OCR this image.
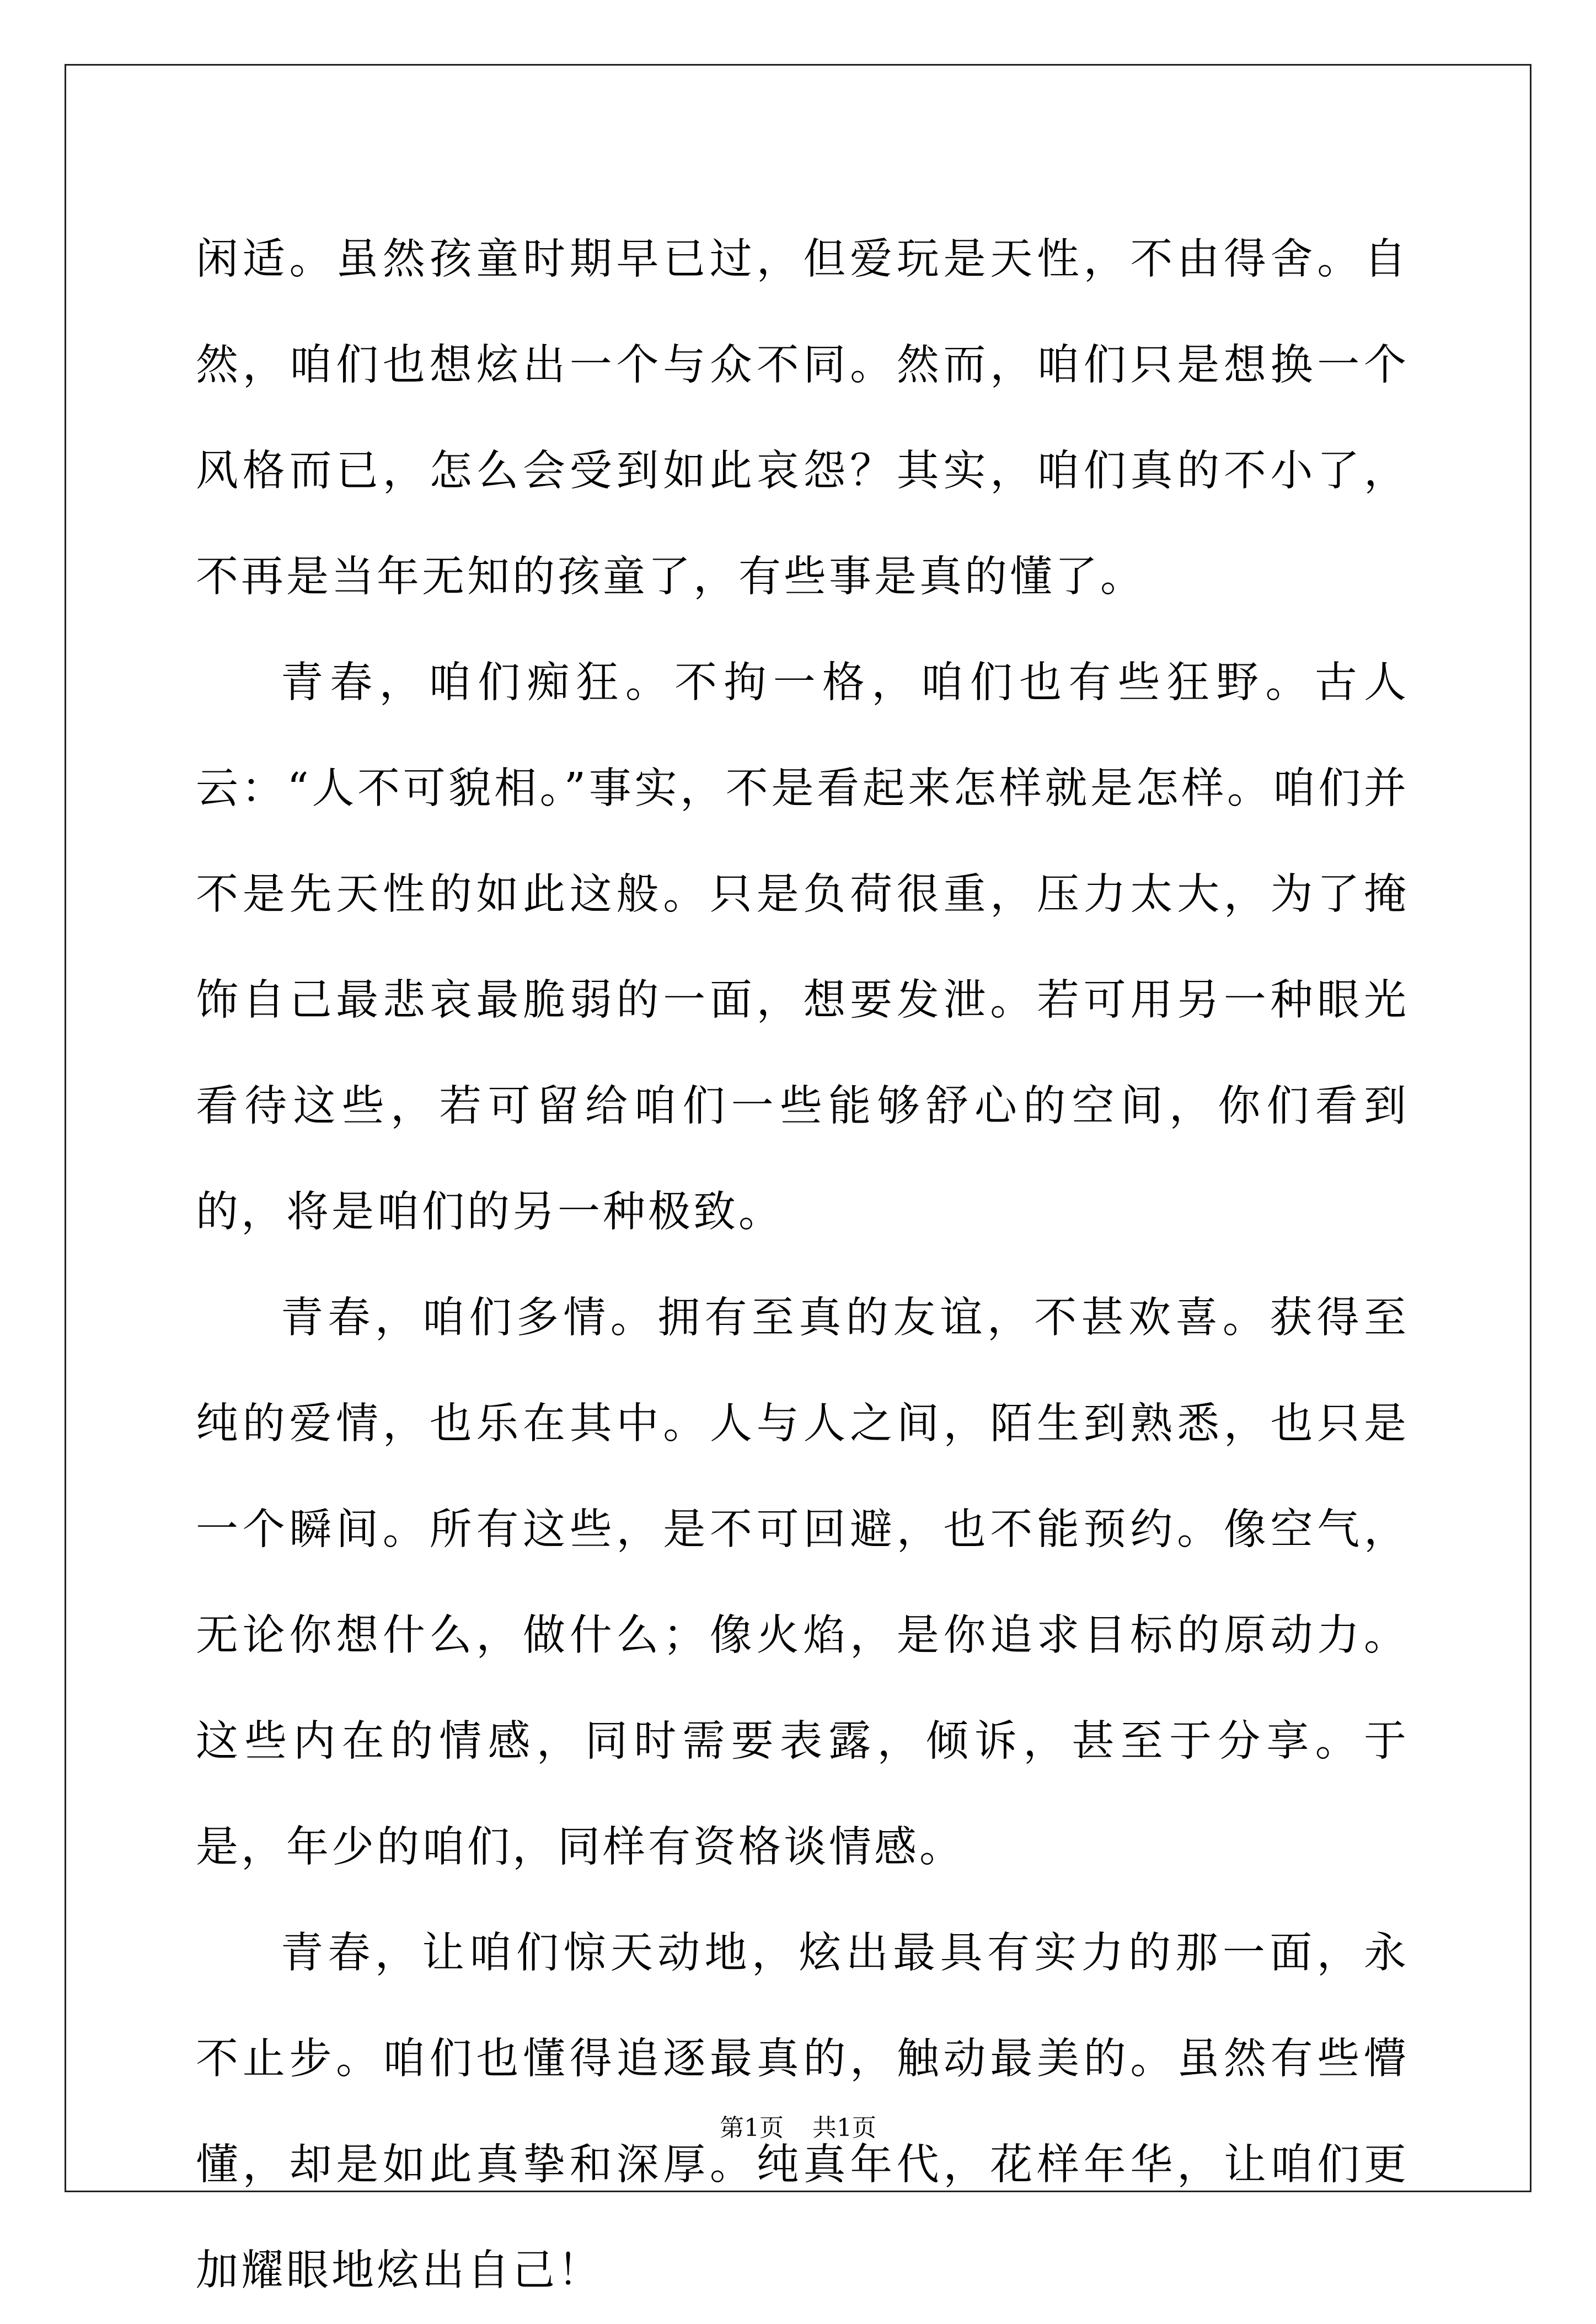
闲适。虽然孩童时期早已过，但爱玩是天性，不由得舍。自然，咱们也想炫出一个与众不同。然而，咱们只是想换一个风格而已，怎么会受到如此哀怨？其实，咱们真的不小了，不再是当年无知的孩童了，有些事是真的懂了。

青春，咱们痴狂。不拘一格，咱们也有些狂野。古人云：“人不可貌相。”事实，不是看起来怎样就是怎样。咱们并不是先天性的如此这般。只是负荷很重，压力太大，为了掩饰自己最悲哀最脆弱的一面，想要发泄。若可用另一种眼光看待这些，若可留给咱们一些能够舒心的空间，你们看到的，将是咱们的另一种极致。

青春，咱们多情。拥有至真的友谊，不甚欢喜。获得至纯的爱情，也乐在其中。人与人之间，陌生到熟悉，也只是一个瞬间。所有这些，是不可回避，也不能预约。像空气，无论你想什么，做什么；像火焰，是你追求目标的原动力。这些内在的情感，同时需要表露，倾诉，甚至于分享。于是，年少的咱们，同样有资格谈情感。

青春，让咱们惊天动地，炫出最具有实力的那一面，永不止步。咱们也懂得追逐最真的，触动最美的。虽然有些懵懂，却是如此真挚和深厚。纯真年代，花样年华，让咱们更加耀眼地炫出自己！

第1页 共1页
